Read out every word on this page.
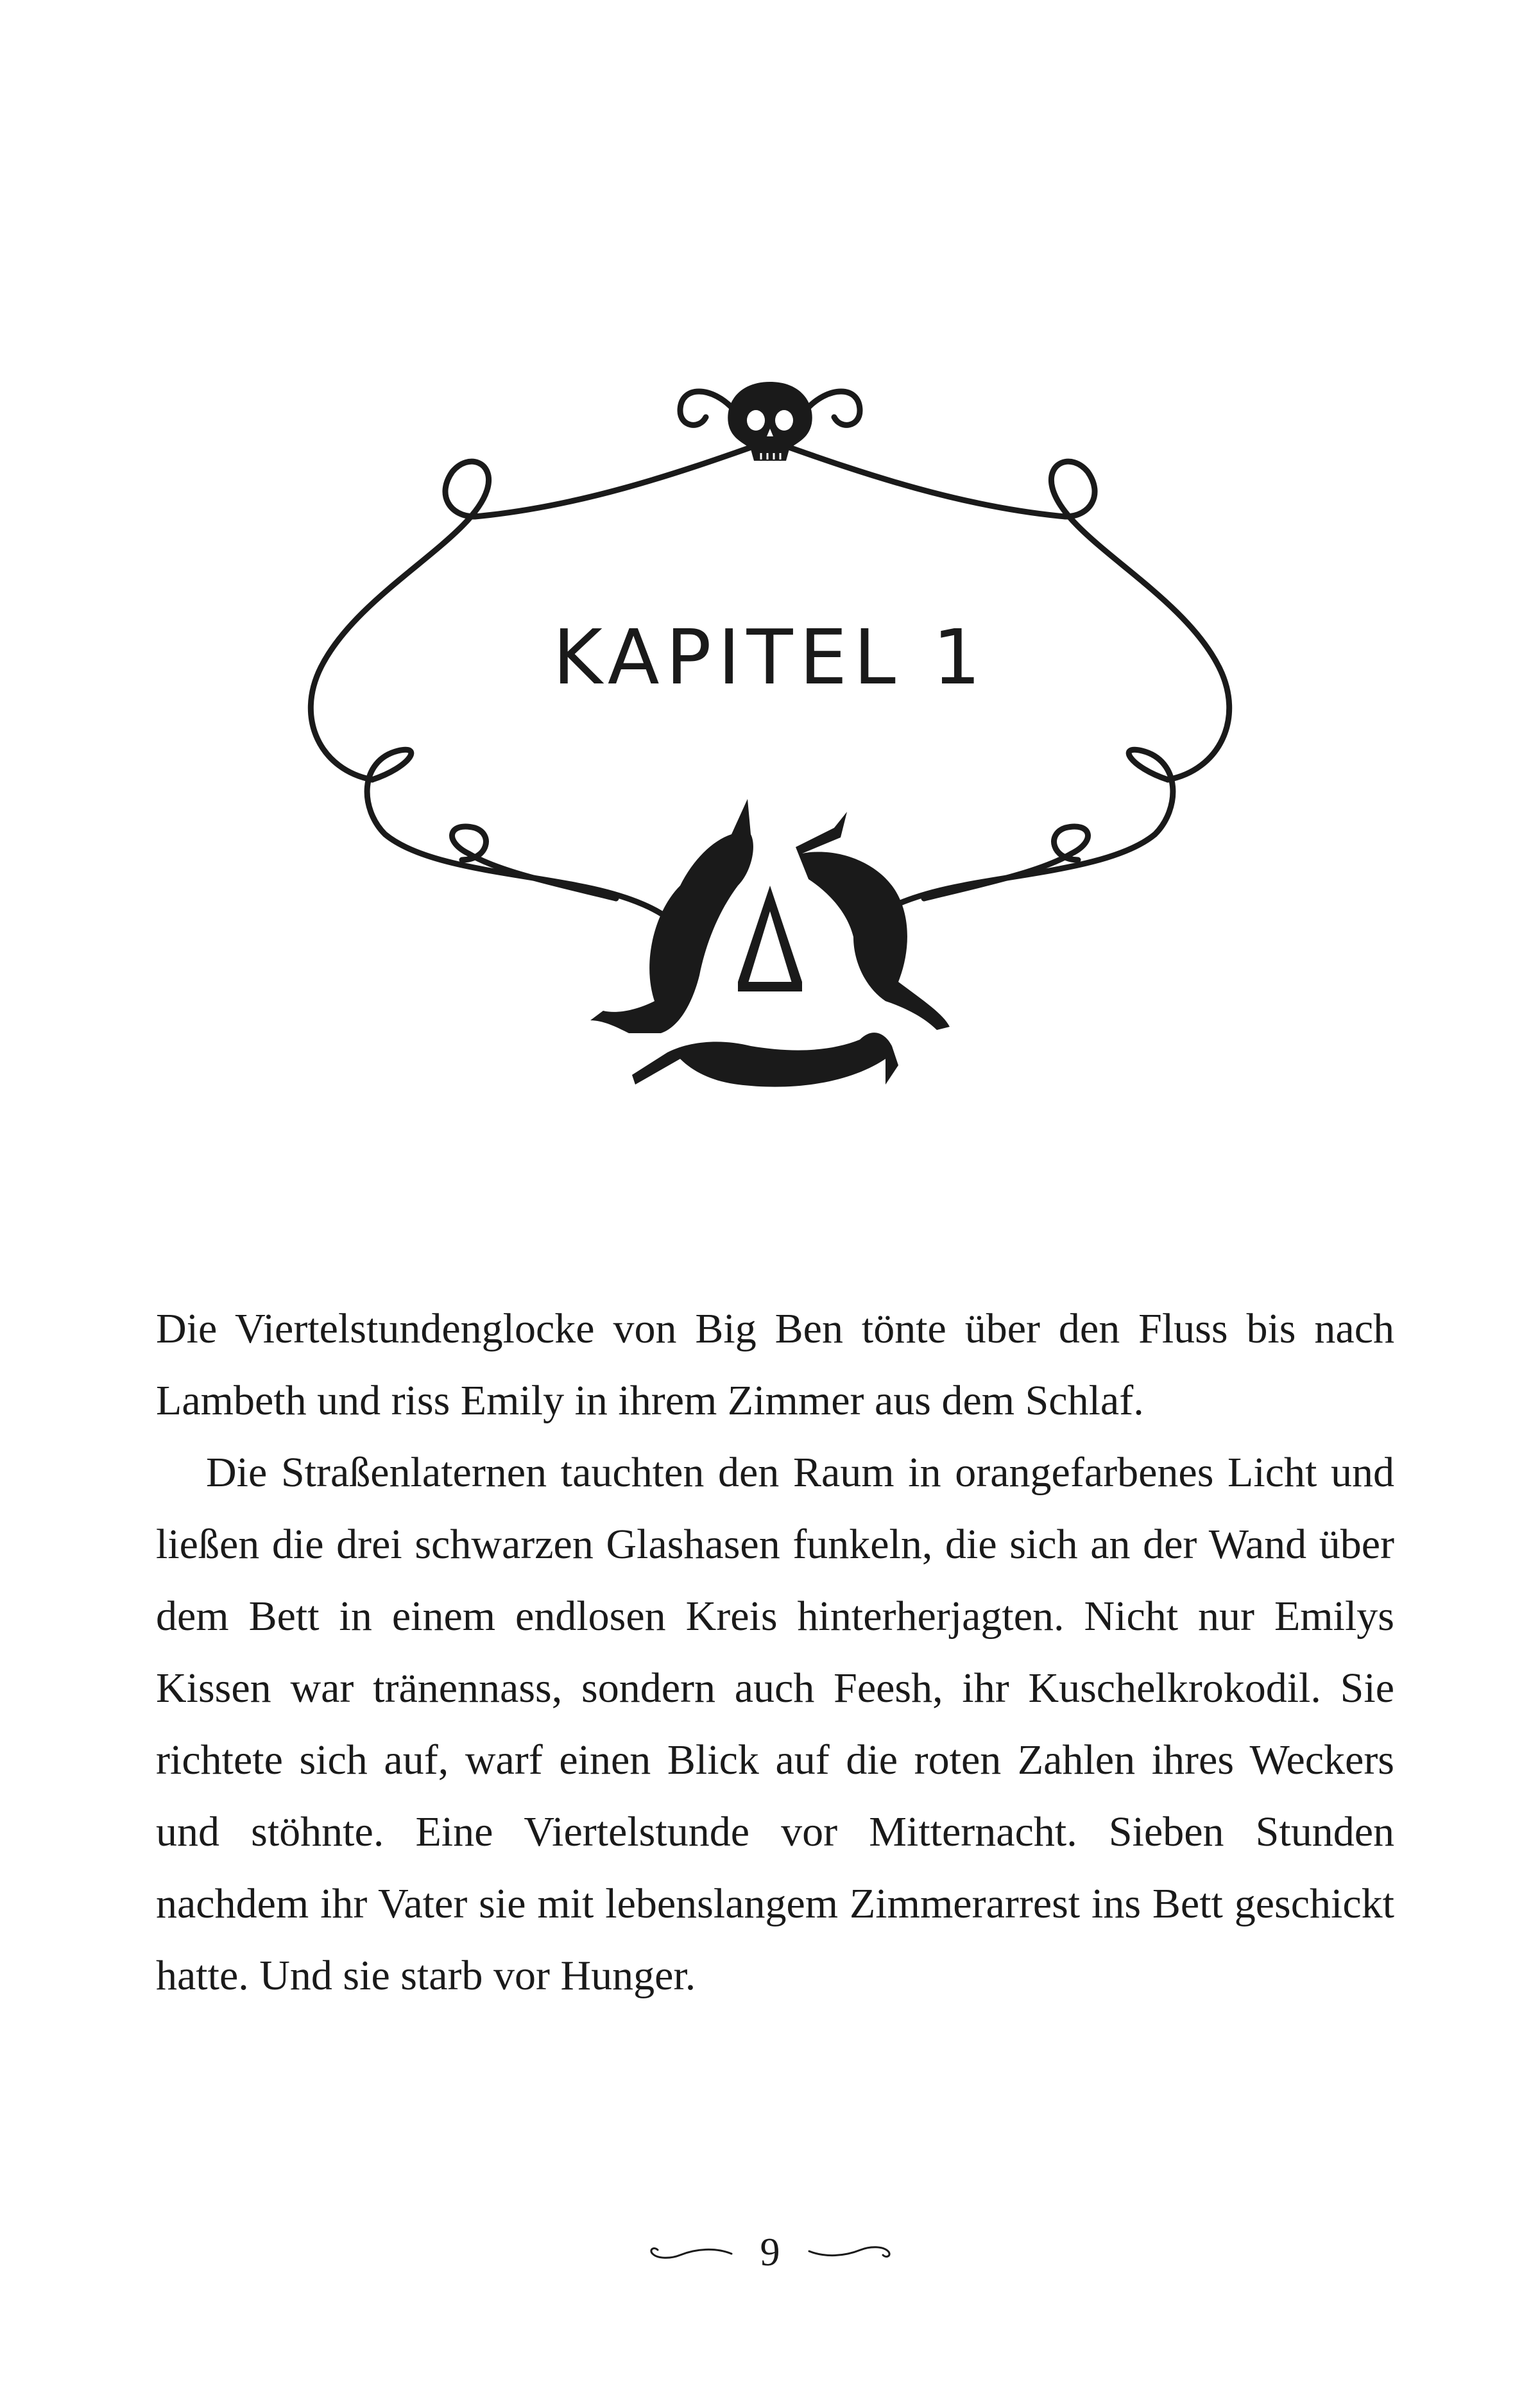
KAPITEL 1

Die Viertelstundenglocke von Big Ben tönte über den Fluss bis nach Lambeth und riss Emily in ihrem Zimmer aus dem Schlaf.

Die Straßenlaternen tauchten den Raum in orangefarbenes Licht und ließen die drei schwarzen Glashasen funkeln, die sich an der Wand über dem Bett in einem endlosen Kreis hinterherjagten. Nicht nur Emilys Kissen war tränennass, sondern auch Feesh, ihr Kuschelkrokodil. Sie richtete sich auf, warf einen Blick auf die roten Zahlen ihres Weckers und stöhnte. Eine Viertelstunde vor Mitternacht. Sieben Stunden nachdem ihr Vater sie mit lebenslangem Zimmerarrest ins Bett geschickt hatte. Und sie starb vor Hunger.

9
